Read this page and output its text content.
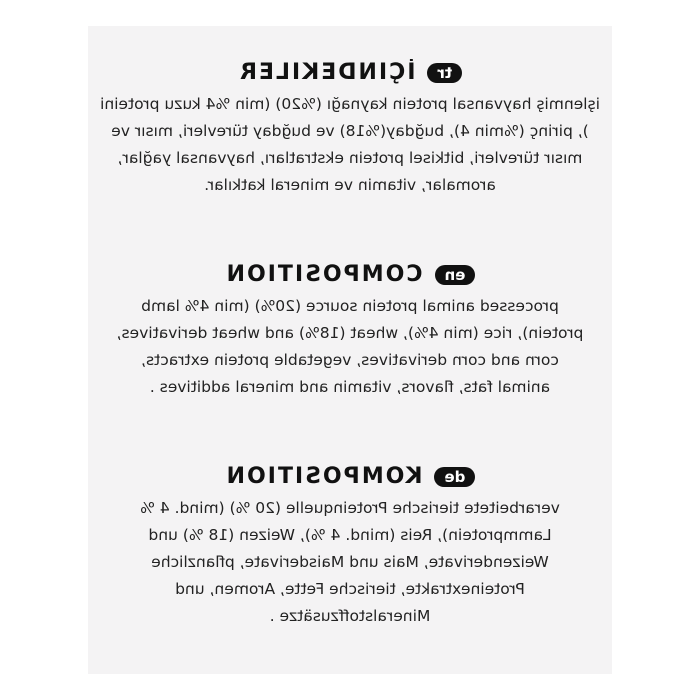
tr
İÇINDEKILER
işlenmiş hayvansal protein kaynağı (%20) (min %4 kuzu proteini ), pirinç (%min 4), buğday(%18) ve buğday türevleri, mısır ve mısır türevleri, bitkisel protein ekstratları, hayvansal yağlar, aromalar, vitamin ve mineral katkılar.
en
COMPOSITION
processed animal protein source (20%) (min 4% lamb protein), rice (min 4%), wheat (18%) and wheat derivatives, corn and corn derivatives, vegetable protein extracts, animal fats, flavors, vitamin and mineral additives .
de
KOMPOSITION
verarbeitete tierische Proteinquelle (20 %) (mind. 4 % Lammprotein), Reis (mind. 4 %), Weizen (18 %) und Weizenderivate, Mais und Maisderivate, pflanzliche Proteinextrakte, tierische Fette, Aromen, und Mineralstoffzusätze .
